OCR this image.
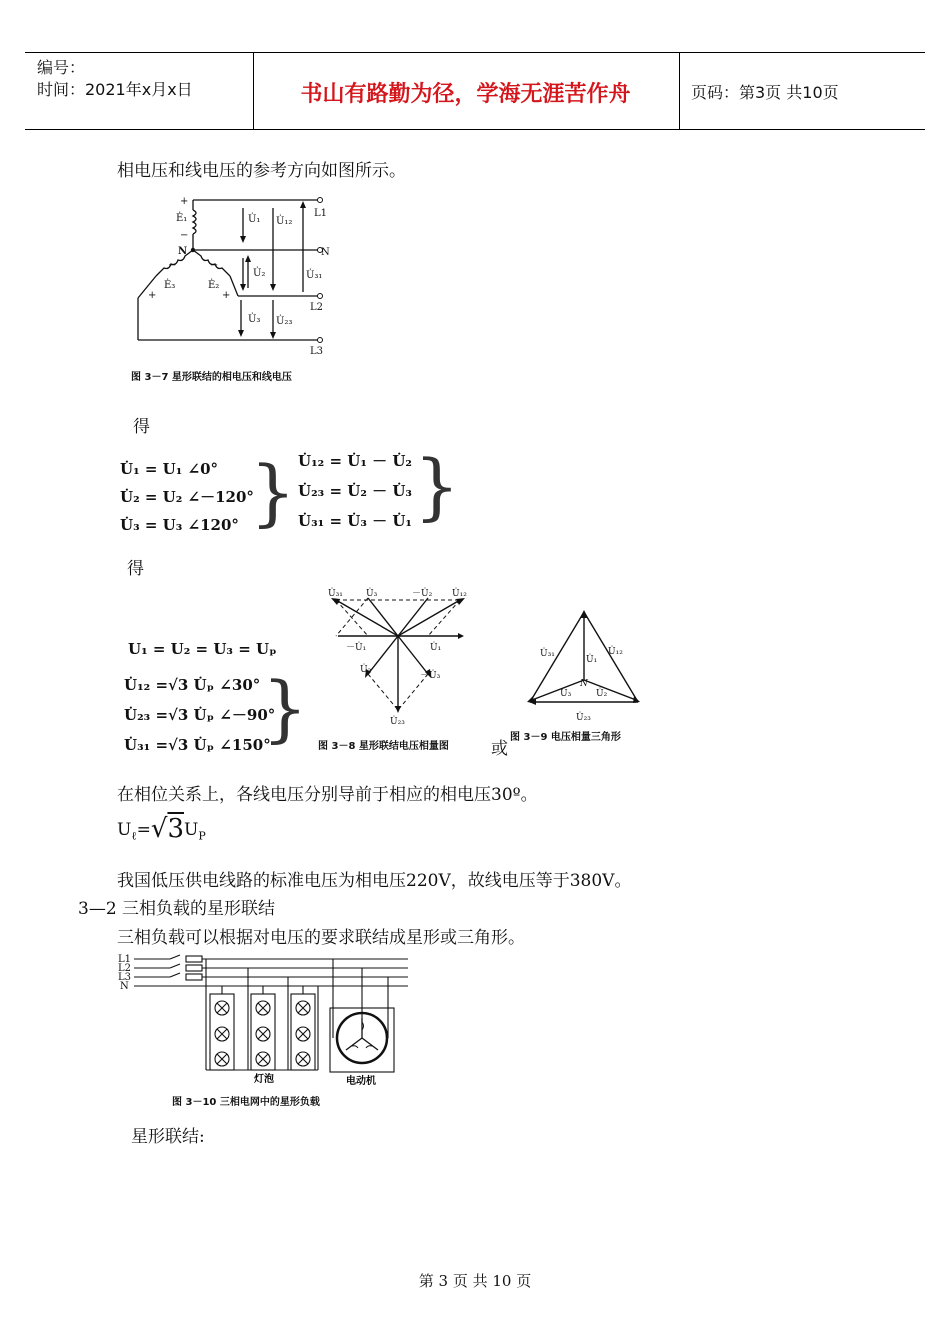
编号：
时间：2021年x月x日	书山有路勤为径，学海无涯苦作舟	页码：第3页 共10页
相电压和线电压的参考方向如图所示。
L1
N
L2
L3
N
+
Ė₁
−
Ė₃	Ė₂
+	+
−	−
U̇₁ U̇₁₂
U̇₂	U̇₃₁
U̇₃ U̇₂₃
图 3－7 星形联结的相电压和线电压
得
U̇₁ = U₁ ∠0°
U̇₂ = U₂ ∠－120°
U̇₃ = U₃ ∠120° } U̇₁₂ = U̇₁ － U̇₂
U̇₂₃ = U̇₂ － U̇₃
U̇₃₁ = U̇₃ － U̇₁ }
得
U₁ = U₂ = U₃ = Uₚ
U̇₁₂ =√3 U̇ₚ ∠30°
U̇₂₃ =√3 U̇ₚ ∠－90°
U̇₃₁ =√3 U̇ₚ ∠150°
}
U̇₃₁	U̇₃	－U̇₂ U̇₁₂
－U̇₁	U̇₁
U̇₂
－U̇₃
U̇₂₃
图 3－8 星形联结电压相量图 或
U̇₃₁	U̇₁₂
U̇₁
N
U̇₃	U̇₂
U̇₂₃
图 3－9 电压相量三角形
在相位关系上，各线电压分别导前于相应的相电压30º。
$U_\ell=√3U_P$
我国低压供电线路的标准电压为相电压220V，故线电压等于380V。
3—2 三相负载的星形联结
三相负载可以根据对电压的要求联结成星形或三角形。
L1
L2
L3
N
灯泡	电动机
图 3－10 三相电网中的星形负载
星形联结:
第 3 页 共 10 页
